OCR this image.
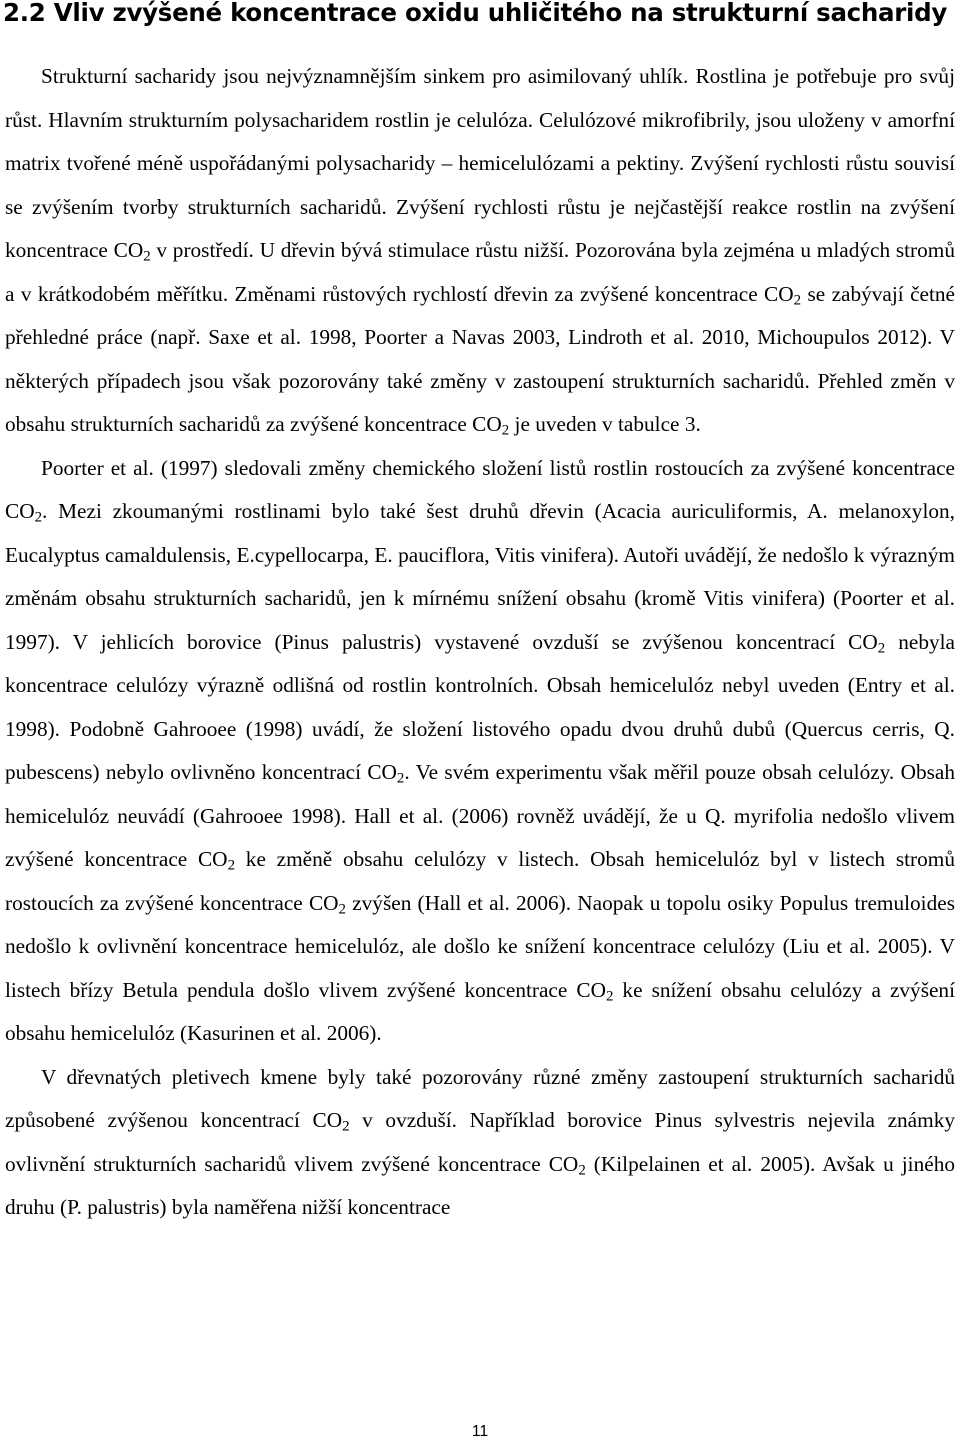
2.2 Vliv zvýšené koncentrace oxidu uhličitého na strukturní sacharidy

Strukturní sacharidy jsou nejvýznamnějším sinkem pro asimilovaný uhlík. Rostlina je potřebuje pro svůj růst. Hlavním strukturním polysacharidem rostlin je celulóza. Celulózové mikrofibrily, jsou uloženy v amorfní matrix tvořené méně uspořádanými polysacharidy – hemicelulózami a pektiny. Zvýšení rychlosti růstu souvisí se zvýšením tvorby strukturních sacharidů. Zvýšení rychlosti růstu je nejčastější reakce rostlin na zvýšení koncentrace $CO_2$ v prostředí. U dřevin bývá stimulace růstu nižší. Pozorována byla zejména u mladých stromů a v krátkodobém měřítku. Změnami růstových rychlostí dřevin za zvýšené koncentrace $CO_2$ se zabývají četné přehledné práce (např. Saxe et al. 1998, Poorter a Navas 2003, Lindroth et al. 2010, Michoupulos 2012). V některých případech jsou však pozorovány také změny v zastoupení strukturních sacharidů. Přehled změn v obsahu strukturních sacharidů za zvýšené koncentrace $CO_2$ je uveden v tabulce 3.

Poorter et al. (1997) sledovali změny chemického složení listů rostlin rostoucích za zvýšené koncentrace $CO_2$. Mezi zkoumanými rostlinami bylo také šest druhů dřevin (Acacia auriculiformis, A. melanoxylon, Eucalyptus camaldulensis, E.cypellocarpa, E. pauciflora, Vitis vinifera). Autoři uvádějí, že nedošlo k výrazným změnám obsahu strukturních sacharidů, jen k mírnému snížení obsahu (kromě Vitis vinifera) (Poorter et al. 1997). V jehlicích borovice (Pinus palustris) vystavené ovzduší se zvýšenou koncentrací $CO_2$ nebyla koncentrace celulózy výrazně odlišná od rostlin kontrolních. Obsah hemicelulóz nebyl uveden (Entry et al. 1998). Podobně Gahrooee (1998) uvádí, že složení listového opadu dvou druhů dubů (Quercus cerris, Q. pubescens) nebylo ovlivněno koncentrací $CO_2$. Ve svém experimentu však měřil pouze obsah celulózy. Obsah hemicelulóz neuvádí (Gahrooee 1998). Hall et al. (2006) rovněž uvádějí, že u Q. myrifolia nedošlo vlivem zvýšené koncentrace $CO_2$ ke změně obsahu celulózy v listech. Obsah hemicelulóz byl v listech stromů rostoucích za zvýšené koncentrace $CO_2$ zvýšen (Hall et al. 2006). Naopak u topolu osiky Populus tremuloides nedošlo k ovlivnění koncentrace hemicelulóz, ale došlo ke snížení koncentrace celulózy (Liu et al. 2005). V listech břízy Betula pendula došlo vlivem zvýšené koncentrace $CO_2$ ke snížení obsahu celulózy a zvýšení obsahu hemicelulóz (Kasurinen et al. 2006).

V dřevnatých pletivech kmene byly také pozorovány různé změny zastoupení strukturních sacharidů způsobené zvýšenou koncentrací $CO_2$ v ovzduší. Například borovice Pinus sylvestris nejevila známky ovlivnění strukturních sacharidů vlivem zvýšené koncentrace $CO_2$ (Kilpelainen et al. 2005). Avšak u jiného druhu (P. palustris) byla naměřena nižší koncentrace

11
